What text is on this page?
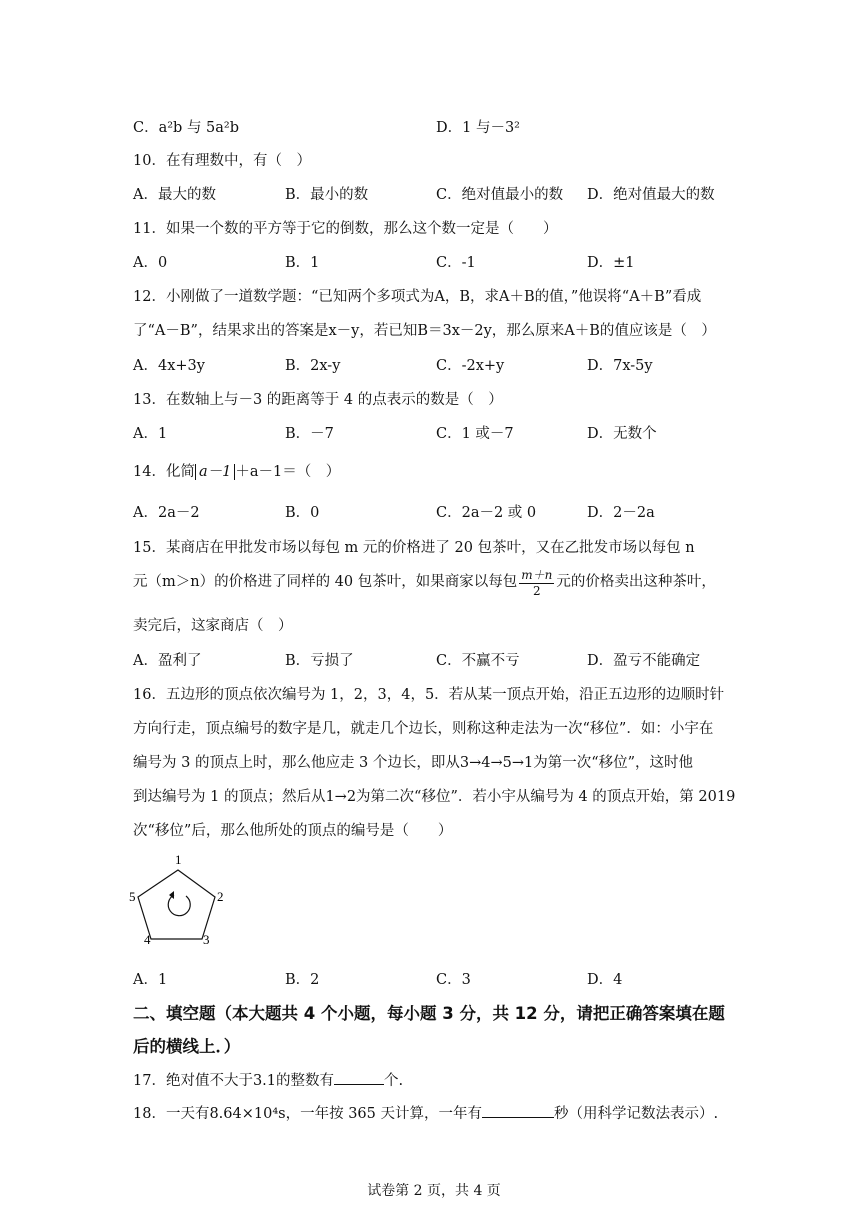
C．a²b 与 5a²b	D．1 与－3²
10．在有理数中，有（　）
A．最大的数	B．最小的数	C．绝对值最小的数 D．绝对值最大的数
11．如果一个数的平方等于它的倒数，那么这个数一定是（　　）
A．0	B．1	C．-1	D．±1
12．小刚做了一道数学题：“已知两个多项式为A，B，求A＋B的值，”他误将“A＋B”看成
了“A－B”，结果求出的答案是x－y，若已知B＝3x－2y，那么原来A＋B的值应该是（　）
A．4x+3y	B．2x-y	C．-2x+y	D．7x-5y
13．在数轴上与－3 的距离等于 4 的点表示的数是（　）
A．1	B．－7	C．1 或－7	D．无数个
14．化简 a－1 ＋a－1＝（　）
A．2a－2	B．0	C．2a－2 或 0	D．2－2a
15．某商店在甲批发市场以每包 m 元的价格进了 20 包茶叶，又在乙批发市场以每包 n
元（m＞n）的价格进了同样的 40 包茶叶，如果商家以每包 $\frac{m+n}{2}$ 元的价格卖出这种茶叶，
卖完后，这家商店（　）
A．盈利了	B．亏损了	C．不赢不亏	D．盈亏不能确定
16．五边形的顶点依次编号为 1，2，3，4，5．若从某一顶点开始，沿正五边形的边顺时针
方向行走，顶点编号的数字是几，就走几个边长，则称这种走法为一次“移位”．如：小宇在
编号为 3 的顶点上时，那么他应走 3 个边长，即从3→4→5→1为第一次“移位”，这时他
到达编号为 1 的顶点；然后从1→2为第二次“移位”．若小宇从编号为 4 的顶点开始，第 2019
次“移位”后，那么他所处的顶点的编号是（　　）
1
2
3
4
5
A．1	B．2	C．3	D．4
二、填空题（本大题共 4 个小题，每小题 3 分，共 12 分，请把正确答案填在题
后的横线上．）
17．绝对值不大于3.1的整数有	个.
18．一天有8.64×10⁴s，一年按 365 天计算，一年有	秒（用科学记数法表示）.
试卷第 2 页，共 4 页
